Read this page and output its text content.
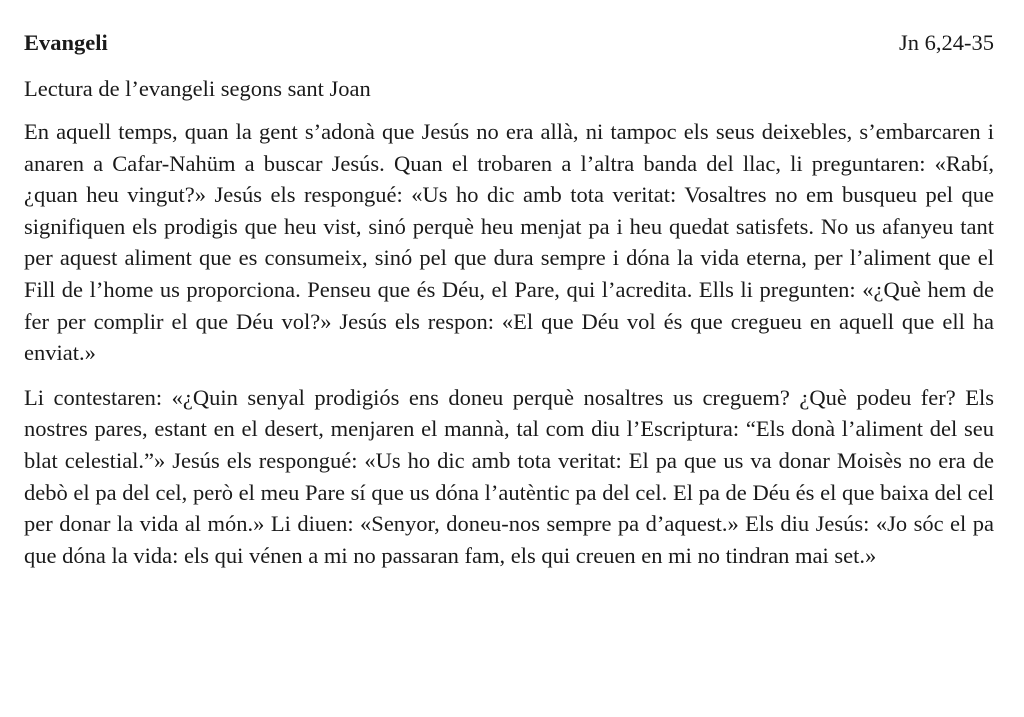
Evangeli	Jn 6,24-35
Lectura de l’evangeli segons sant Joan
En aquell temps, quan la gent s’adonà que Jesús no era allà, ni tampoc els seus deixebles, s’embarcaren i anaren a Cafar-Nahüm a buscar Jesús. Quan el trobaren a l’altra banda del llac, li preguntaren: «Rabí, ¿quan heu vingut?» Jesús els respongué: «Us ho dic amb tota veritat: Vosaltres no em busqueu pel que signifiquen els prodigis que heu vist, sinó perquè heu menjat pa i heu quedat satisfets. No us afanyeu tant per aquest aliment que es consumeix, sinó pel que dura sempre i dóna la vida eterna, per l’aliment que el Fill de l’home us proporciona. Penseu que és Déu, el Pare, qui l’acredita. Ells li pregunten: «¿Què hem de fer per complir el que Déu vol?» Jesús els respon: «El que Déu vol és que cregueu en aquell que ell ha enviat.»
Li contestaren: «¿Quin senyal prodigiós ens doneu perquè nosaltres us creguem? ¿Què podeu fer? Els nostres pares, estant en el desert, menjaren el mannà, tal com diu l’Escriptura: “Els donà l’aliment del seu blat celestial.”» Jesús els respongué: «Us ho dic amb tota veritat: El pa que us va donar Moisès no era de debò el pa del cel, però el meu Pare sí que us dóna l’autèntic pa del cel. El pa de Déu és el que baixa del cel per donar la vida al món.» Li diuen: «Senyor, doneu-nos sempre pa d’aquest.» Els diu Jesús: «Jo sóc el pa que dóna la vida: els qui vénen a mi no passaran fam, els qui creuen en mi no tindran mai set.»
